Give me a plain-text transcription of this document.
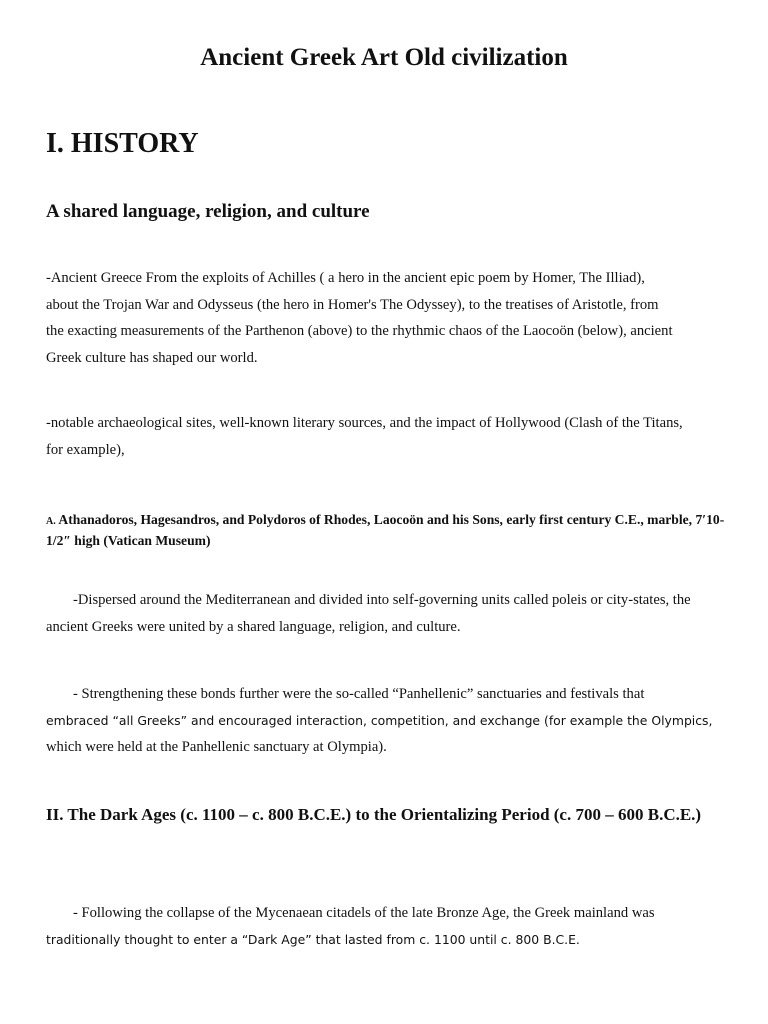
Ancient Greek Art Old civilization
I. HISTORY
A shared language, religion, and culture
-Ancient Greece From the exploits of Achilles ( a hero in the ancient epic poem by Homer, The Illiad),
about the Trojan War and Odysseus (the hero in Homer's The Odyssey), to the treatises of Aristotle, from
the exacting measurements of the Parthenon (above) to the rhythmic chaos of the Laocoön (below), ancient
Greek culture has shaped our world.
-notable archaeological sites, well-known literary sources, and the impact of Hollywood (Clash of the Titans,
for example),

A. Athanadoros, Hagesandros, and Polydoros of Rhodes, Laocoön and his Sons, early first century C.E., marble, 7′10-1/2″ high (Vatican Museum)

-Dispersed around the Mediterranean and divided into self-governing units called poleis or city-states, the ancient Greeks were united by a shared language, religion, and culture.

- Strengthening these bonds further were the so-called “Panhellenic” sanctuaries and festivals that
embraced “all Greeks” and encouraged interaction, competition, and exchange (for example the Olympics,
which were held at the Panhellenic sanctuary at Olympia).
II. The Dark Ages (c. 1100 – c. 800 B.C.E.) to the Orientalizing Period (c. 700 – 600 B.C.E.)
- Following the collapse of the Mycenaean citadels of the late Bronze Age, the Greek mainland was
traditionally thought to enter a “Dark Age” that lasted from c. 1100 until c. 800 B.C.E.
